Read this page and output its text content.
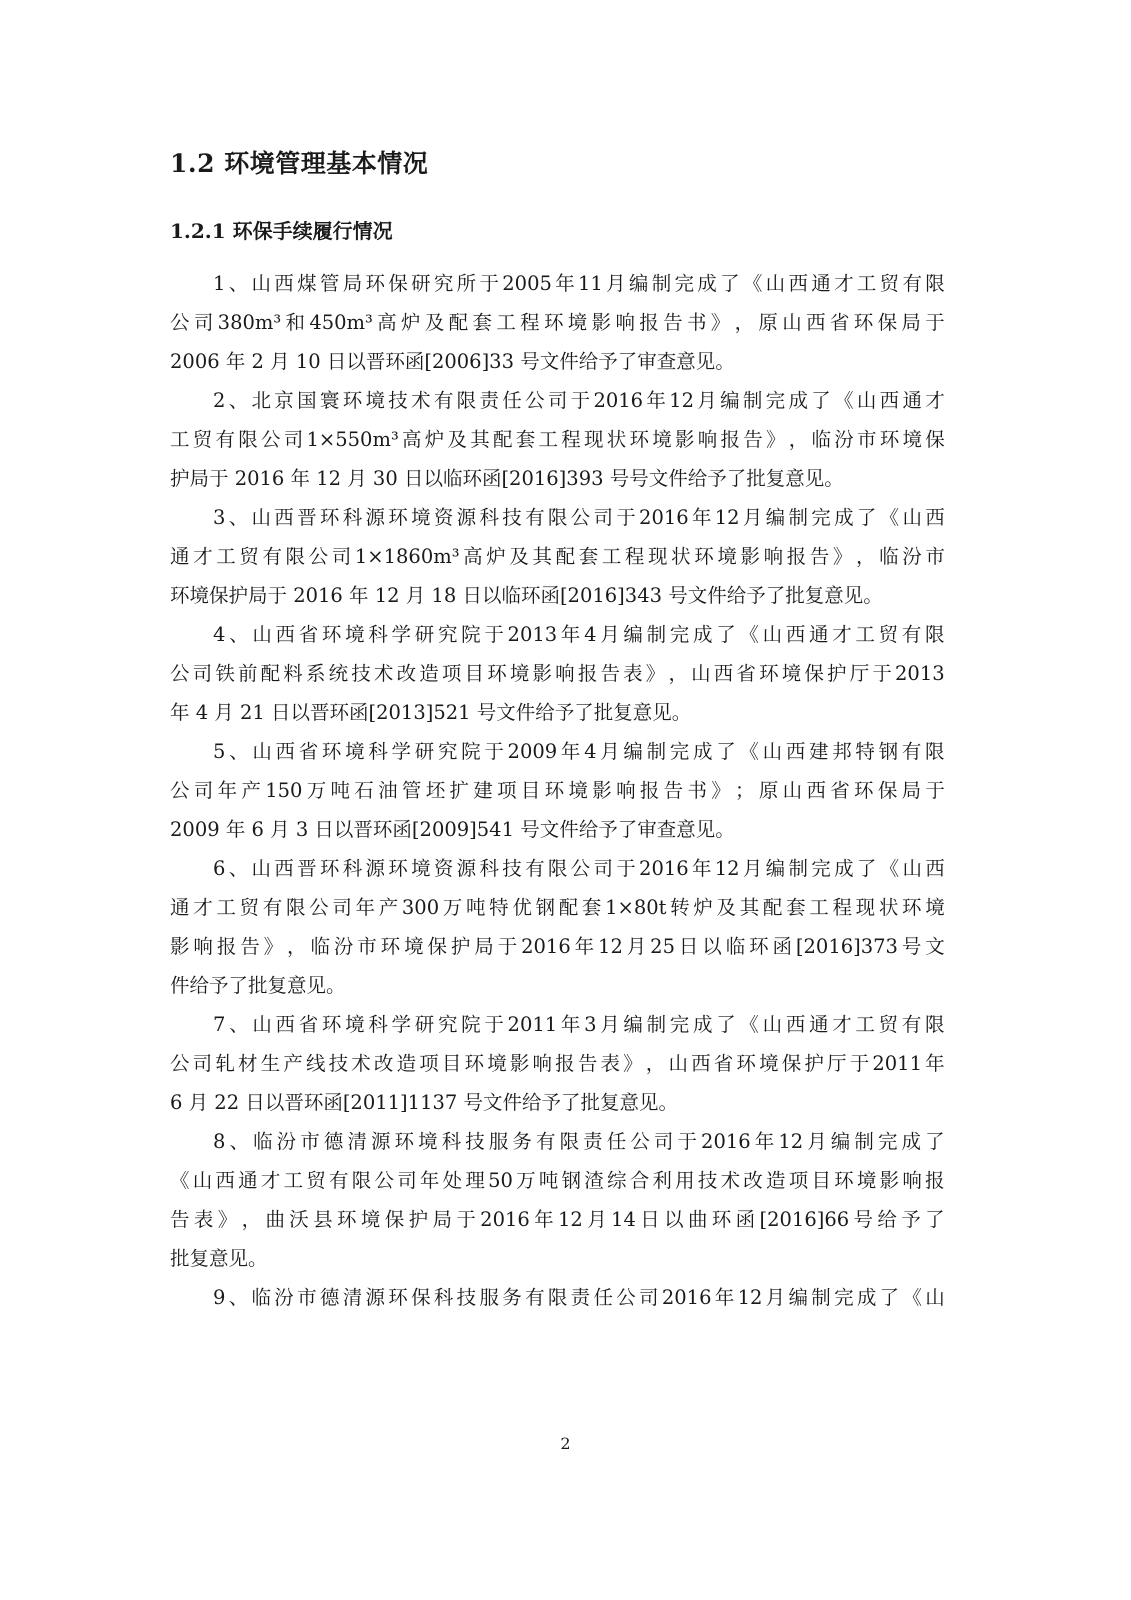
1.2 环境管理基本情况
1.2.1 环保手续履行情况
1 、 山 西 煤 管 局 环 保 研 究 所 于 2005 年 11 月 编 制 完 成 了 《 山 西 通 才 工 贸 有 限
公 司 380m³ 和 450m³ 高 炉 及 配 套 工 程 环 境 影 响 报 告 书 》 ， 原 山 西 省 环 保 局 于
2006 年 2 月 10 日以晋环函[2006]33 号文件给予了审查意见。
2 、 北 京 国 寰 环 境 技 术 有 限 责 任 公 司 于 2016 年 12 月 编 制 完 成 了 《 山 西 通 才
工 贸 有 限 公 司 1×550m³ 高 炉 及 其 配 套 工 程 现 状 环 境 影 响 报 告 》 ， 临 汾 市 环 境 保
护局于 2016 年 12 月 30 日以临环函[2016]393 号号文件给予了批复意见。
3 、 山 西 晋 环 科 源 环 境 资 源 科 技 有 限 公 司 于 2016 年 12 月 编 制 完 成 了 《 山 西
通 才 工 贸 有 限 公 司 1×1860m³ 高 炉 及 其 配 套 工 程 现 状 环 境 影 响 报 告 》 ， 临 汾 市
环境保护局于 2016 年 12 月 18 日以临环函[2016]343 号文件给予了批复意见。
4 、 山 西 省 环 境 科 学 研 究 院 于 2013 年 4 月 编 制 完 成 了 《 山 西 通 才 工 贸 有 限
公 司 铁 前 配 料 系 统 技 术 改 造 项 目 环 境 影 响 报 告 表 》 ， 山 西 省 环 境 保 护 厅 于 2013
年 4 月 21 日以晋环函[2013]521 号文件给予了批复意见。
5 、 山 西 省 环 境 科 学 研 究 院 于 2009 年 4 月 编 制 完 成 了 《 山 西 建 邦 特 钢 有 限
公 司 年 产 150 万 吨 石 油 管 坯 扩 建 项 目 环 境 影 响 报 告 书 》 ； 原 山 西 省 环 保 局 于
2009 年 6 月 3 日以晋环函[2009]541 号文件给予了审查意见。
6 、 山 西 晋 环 科 源 环 境 资 源 科 技 有 限 公 司 于 2016 年 12 月 编 制 完 成 了 《 山 西
通 才 工 贸 有 限 公 司 年 产 300 万 吨 特 优 钢 配 套 1×80t 转 炉 及 其 配 套 工 程 现 状 环 境
影 响 报 告 》 ， 临 汾 市 环 境 保 护 局 于 2016 年 12 月 25 日 以 临 环 函 [2016]373 号 文
件给予了批复意见。
7 、 山 西 省 环 境 科 学 研 究 院 于 2011 年 3 月 编 制 完 成 了 《 山 西 通 才 工 贸 有 限
公 司 轧 材 生 产 线 技 术 改 造 项 目 环 境 影 响 报 告 表 》 ， 山 西 省 环 境 保 护 厅 于 2011 年
6 月 22 日以晋环函[2011]1137 号文件给予了批复意见。
8 、 临 汾 市 德 清 源 环 境 科 技 服 务 有 限 责 任 公 司 于 2016 年 12 月 编 制 完 成 了
《 山 西 通 才 工 贸 有 限 公 司 年 处 理 50 万 吨 钢 渣 综 合 利 用 技 术 改 造 项 目 环 境 影 响 报
告 表 》 ， 曲 沃 县 环 境 保 护 局 于 2016 年 12 月 14 日 以 曲 环 函 [2016]66 号 给 予 了
批复意见。
9 、 临 汾 市 德 清 源 环 保 科 技 服 务 有 限 责 任 公 司 2016 年 12 月 编 制 完 成 了 《 山
2
